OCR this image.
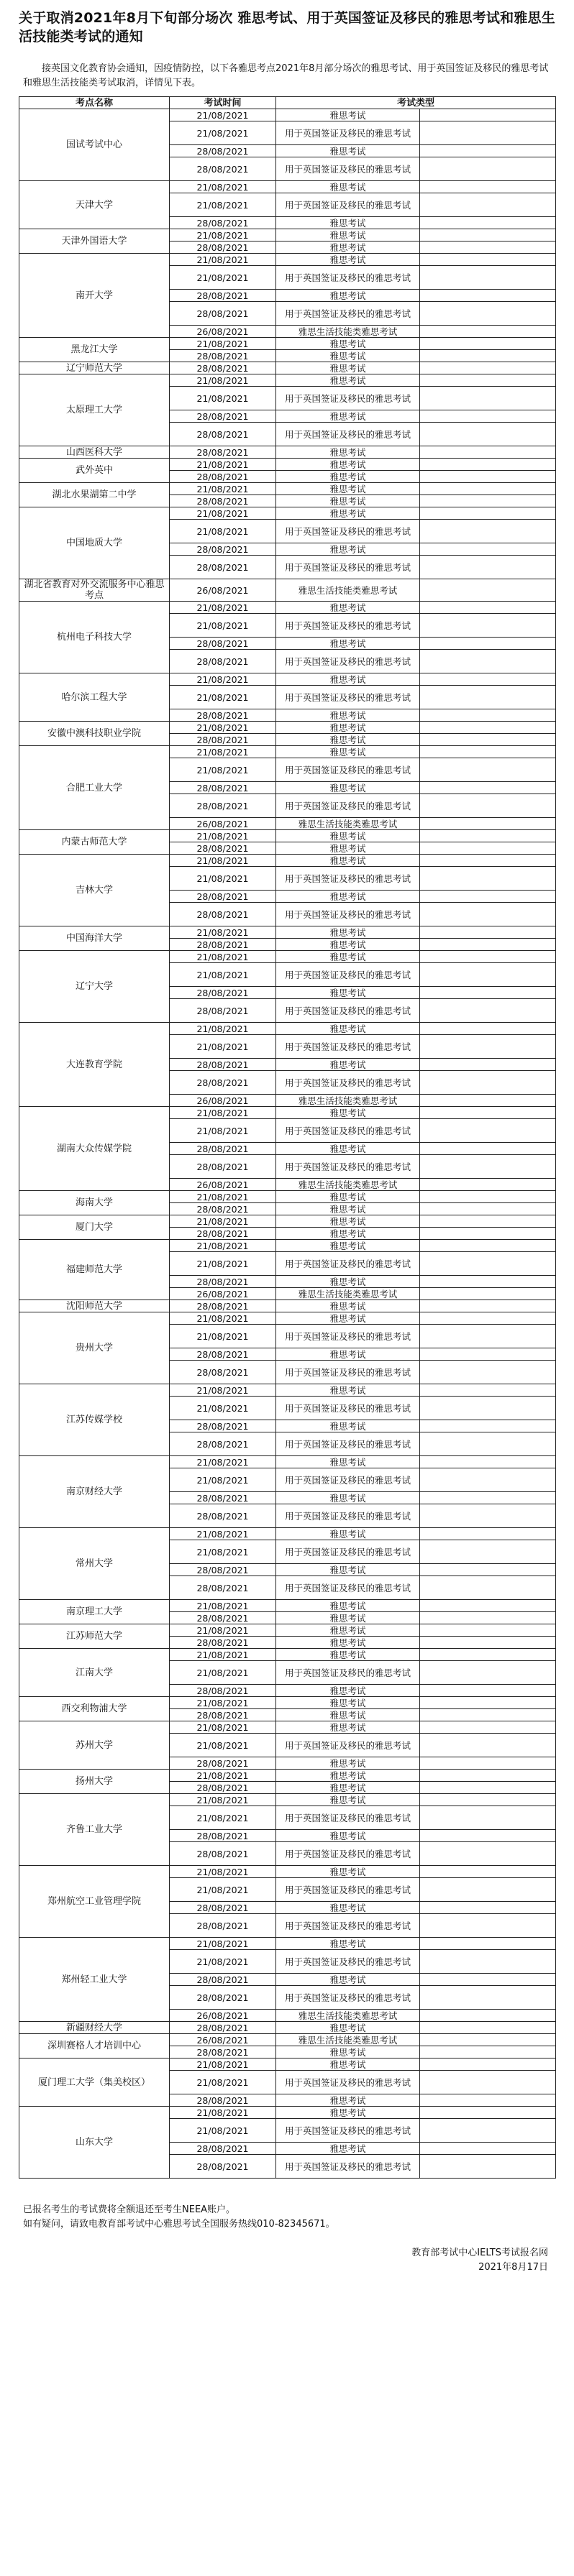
关于取消2021年8月下旬部分场次 雅思考试、用于英国签证及移民的雅思考试和雅思生活技能类考试的通知
接英国文化教育协会通知，因疫情防控，以下各雅思考点2021年8月部分场次的雅思考试、用于英国签证及移民的雅思考试和雅思生活技能类考试取消，详情见下表。
考点名称	考试时间	考试类型	
国试考试中心	21/08/2021	雅思考试	
	21/08/2021	用于英国签证及移民的雅思考试	
	28/08/2021	雅思考试	
	28/08/2021	用于英国签证及移民的雅思考试	
天津大学	21/08/2021	雅思考试	
	21/08/2021	用于英国签证及移民的雅思考试	
	28/08/2021	雅思考试	
天津外国语大学	21/08/2021	雅思考试	
	28/08/2021	雅思考试	
南开大学	21/08/2021	雅思考试	
	21/08/2021	用于英国签证及移民的雅思考试	
	28/08/2021	雅思考试	
	28/08/2021	用于英国签证及移民的雅思考试	
	26/08/2021	雅思生活技能类雅思考试	
黑龙江大学	21/08/2021	雅思考试	
	28/08/2021	雅思考试	
辽宁师范大学	28/08/2021	雅思考试	
太原理工大学	21/08/2021	雅思考试	
	21/08/2021	用于英国签证及移民的雅思考试	
	28/08/2021	雅思考试	
	28/08/2021	用于英国签证及移民的雅思考试	
山西医科大学	28/08/2021	雅思考试	
武外英中	21/08/2021	雅思考试	
	28/08/2021	雅思考试	
湖北水果湖第二中学	21/08/2021	雅思考试	
	28/08/2021	雅思考试	
中国地质大学	21/08/2021	雅思考试	
	21/08/2021	用于英国签证及移民的雅思考试	
	28/08/2021	雅思考试	
	28/08/2021	用于英国签证及移民的雅思考试	
湖北省教育对外交流服务中心雅思考点	26/08/2021	雅思生活技能类雅思考试	
杭州电子科技大学	21/08/2021	雅思考试	
	21/08/2021	用于英国签证及移民的雅思考试	
	28/08/2021	雅思考试	
	28/08/2021	用于英国签证及移民的雅思考试	
哈尔滨工程大学	21/08/2021	雅思考试	
	21/08/2021	用于英国签证及移民的雅思考试	
	28/08/2021	雅思考试	
安徽中澳科技职业学院	21/08/2021	雅思考试	
	28/08/2021	雅思考试	
合肥工业大学	21/08/2021	雅思考试	
	21/08/2021	用于英国签证及移民的雅思考试	
	28/08/2021	雅思考试	
	28/08/2021	用于英国签证及移民的雅思考试	
	26/08/2021	雅思生活技能类雅思考试	
内蒙古师范大学	21/08/2021	雅思考试	
	28/08/2021	雅思考试	
吉林大学	21/08/2021	雅思考试	
	21/08/2021	用于英国签证及移民的雅思考试	
	28/08/2021	雅思考试	
	28/08/2021	用于英国签证及移民的雅思考试	
中国海洋大学	21/08/2021	雅思考试	
	28/08/2021	雅思考试	
辽宁大学	21/08/2021	雅思考试	
	21/08/2021	用于英国签证及移民的雅思考试	
	28/08/2021	雅思考试	
	28/08/2021	用于英国签证及移民的雅思考试	
大连教育学院	21/08/2021	雅思考试	
	21/08/2021	用于英国签证及移民的雅思考试	
	28/08/2021	雅思考试	
	28/08/2021	用于英国签证及移民的雅思考试	
	26/08/2021	雅思生活技能类雅思考试	
湖南大众传媒学院	21/08/2021	雅思考试	
	21/08/2021	用于英国签证及移民的雅思考试	
	28/08/2021	雅思考试	
	28/08/2021	用于英国签证及移民的雅思考试	
	26/08/2021	雅思生活技能类雅思考试	
海南大学	21/08/2021	雅思考试	
	28/08/2021	雅思考试	
厦门大学	21/08/2021	雅思考试	
	28/08/2021	雅思考试	
福建师范大学	21/08/2021	雅思考试	
	21/08/2021	用于英国签证及移民的雅思考试	
	28/08/2021	雅思考试	
	26/08/2021	雅思生活技能类雅思考试	
沈阳师范大学	28/08/2021	雅思考试	
贵州大学	21/08/2021	雅思考试	
	21/08/2021	用于英国签证及移民的雅思考试	
	28/08/2021	雅思考试	
	28/08/2021	用于英国签证及移民的雅思考试	
江苏传媒学校	21/08/2021	雅思考试	
	21/08/2021	用于英国签证及移民的雅思考试	
	28/08/2021	雅思考试	
	28/08/2021	用于英国签证及移民的雅思考试	
南京财经大学	21/08/2021	雅思考试	
	21/08/2021	用于英国签证及移民的雅思考试	
	28/08/2021	雅思考试	
	28/08/2021	用于英国签证及移民的雅思考试	
常州大学	21/08/2021	雅思考试	
	21/08/2021	用于英国签证及移民的雅思考试	
	28/08/2021	雅思考试	
	28/08/2021	用于英国签证及移民的雅思考试	
南京理工大学	21/08/2021	雅思考试	
	28/08/2021	雅思考试	
江苏师范大学	21/08/2021	雅思考试	
	28/08/2021	雅思考试	
江南大学	21/08/2021	雅思考试	
	21/08/2021	用于英国签证及移民的雅思考试	
	28/08/2021	雅思考试	
西交利物浦大学	21/08/2021	雅思考试	
	28/08/2021	雅思考试	
苏州大学	21/08/2021	雅思考试	
	21/08/2021	用于英国签证及移民的雅思考试	
	28/08/2021	雅思考试	
扬州大学	21/08/2021	雅思考试	
	28/08/2021	雅思考试	
齐鲁工业大学	21/08/2021	雅思考试	
	21/08/2021	用于英国签证及移民的雅思考试	
	28/08/2021	雅思考试	
	28/08/2021	用于英国签证及移民的雅思考试	
郑州航空工业管理学院	21/08/2021	雅思考试	
	21/08/2021	用于英国签证及移民的雅思考试	
	28/08/2021	雅思考试	
	28/08/2021	用于英国签证及移民的雅思考试	
郑州轻工业大学	21/08/2021	雅思考试	
	21/08/2021	用于英国签证及移民的雅思考试	
	28/08/2021	雅思考试	
	28/08/2021	用于英国签证及移民的雅思考试	
	26/08/2021	雅思生活技能类雅思考试	
新疆财经大学	28/08/2021	雅思考试	
深圳赛格人才培训中心	26/08/2021	雅思生活技能类雅思考试	
	28/08/2021	雅思考试	
厦门理工大学（集美校区）	21/08/2021	雅思考试	
	21/08/2021	用于英国签证及移民的雅思考试	
	28/08/2021	雅思考试	
山东大学	21/08/2021	雅思考试	
	21/08/2021	用于英国签证及移民的雅思考试	
	28/08/2021	雅思考试	
	28/08/2021	用于英国签证及移民的雅思考试	
已报名考生的考试费将全额退还至考生NEEA账户。
如有疑问，请致电教育部考试中心雅思考试全国服务热线010-82345671。
教育部考试中心IELTS考试报名网
2021年8月17日
